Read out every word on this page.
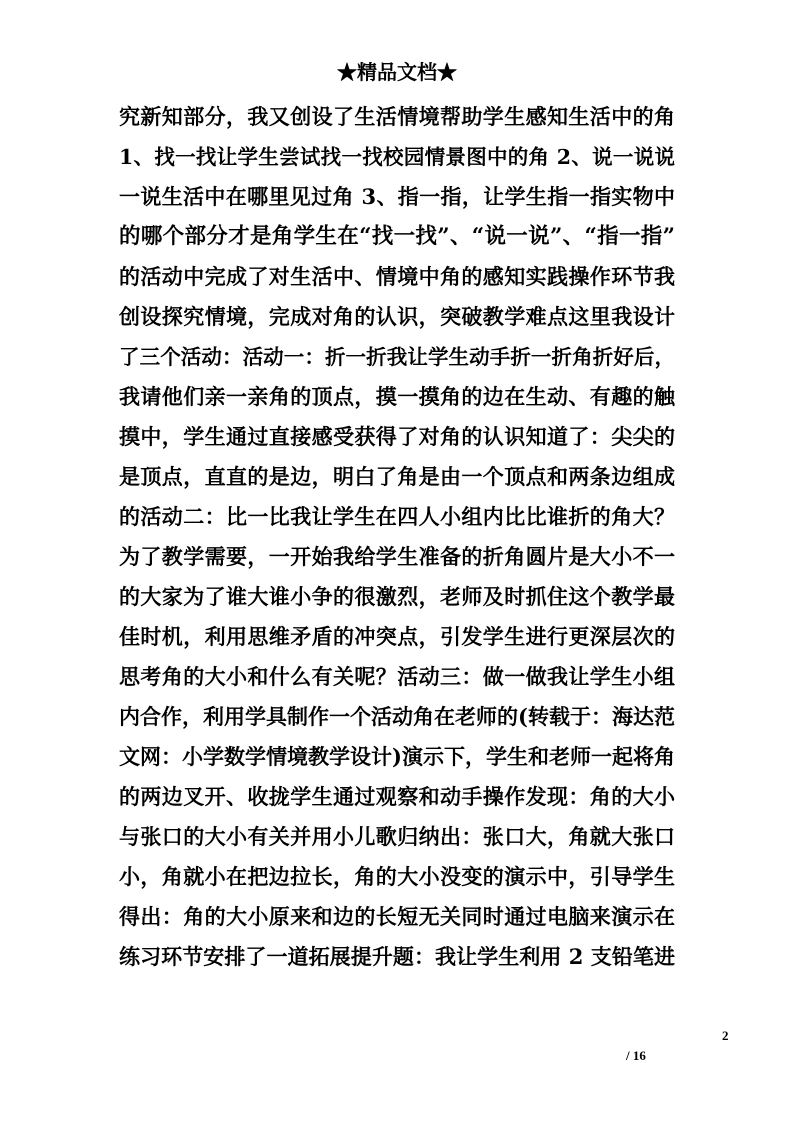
★精品文档★
究新知部分，我又创设了生活情境帮助学生感知生活中的角
1、找一找让学生尝试找一找校园情景图中的角 2、说一说说
一说生活中在哪里见过角 3、指一指，让学生指一指实物中
的哪个部分才是角学生在“找一找”、“说一说”、“指一指”
的活动中完成了对生活中、情境中角的感知实践操作环节我
创设探究情境，完成对角的认识，突破教学难点这里我设计
了三个活动：活动一：折一折我让学生动手折一折角折好后，
我请他们亲一亲角的顶点，摸一摸角的边在生动、有趣的触
摸中，学生通过直接感受获得了对角的认识知道了：尖尖的
是顶点，直直的是边，明白了角是由一个顶点和两条边组成
的活动二：比一比我让学生在四人小组内比比谁折的角大？
为了教学需要，一开始我给学生准备的折角圆片是大小不一
的大家为了谁大谁小争的很激烈，老师及时抓住这个教学最
佳时机，利用思维矛盾的冲突点，引发学生进行更深层次的
思考角的大小和什么有关呢？活动三：做一做我让学生小组
内合作，利用学具制作一个活动角在老师的(转载于：海达范
文网：小学数学情境教学设计)演示下，学生和老师一起将角
的两边叉开、收拢学生通过观察和动手操作发现：角的大小
与张口的大小有关并用小儿歌归纳出：张口大，角就大张口
小，角就小在把边拉长，角的大小没变的演示中，引导学生
得出：角的大小原来和边的长短无关同时通过电脑来演示在
练习环节安排了一道拓展提升题：我让学生利用 2 支铅笔进
2
/ 16
